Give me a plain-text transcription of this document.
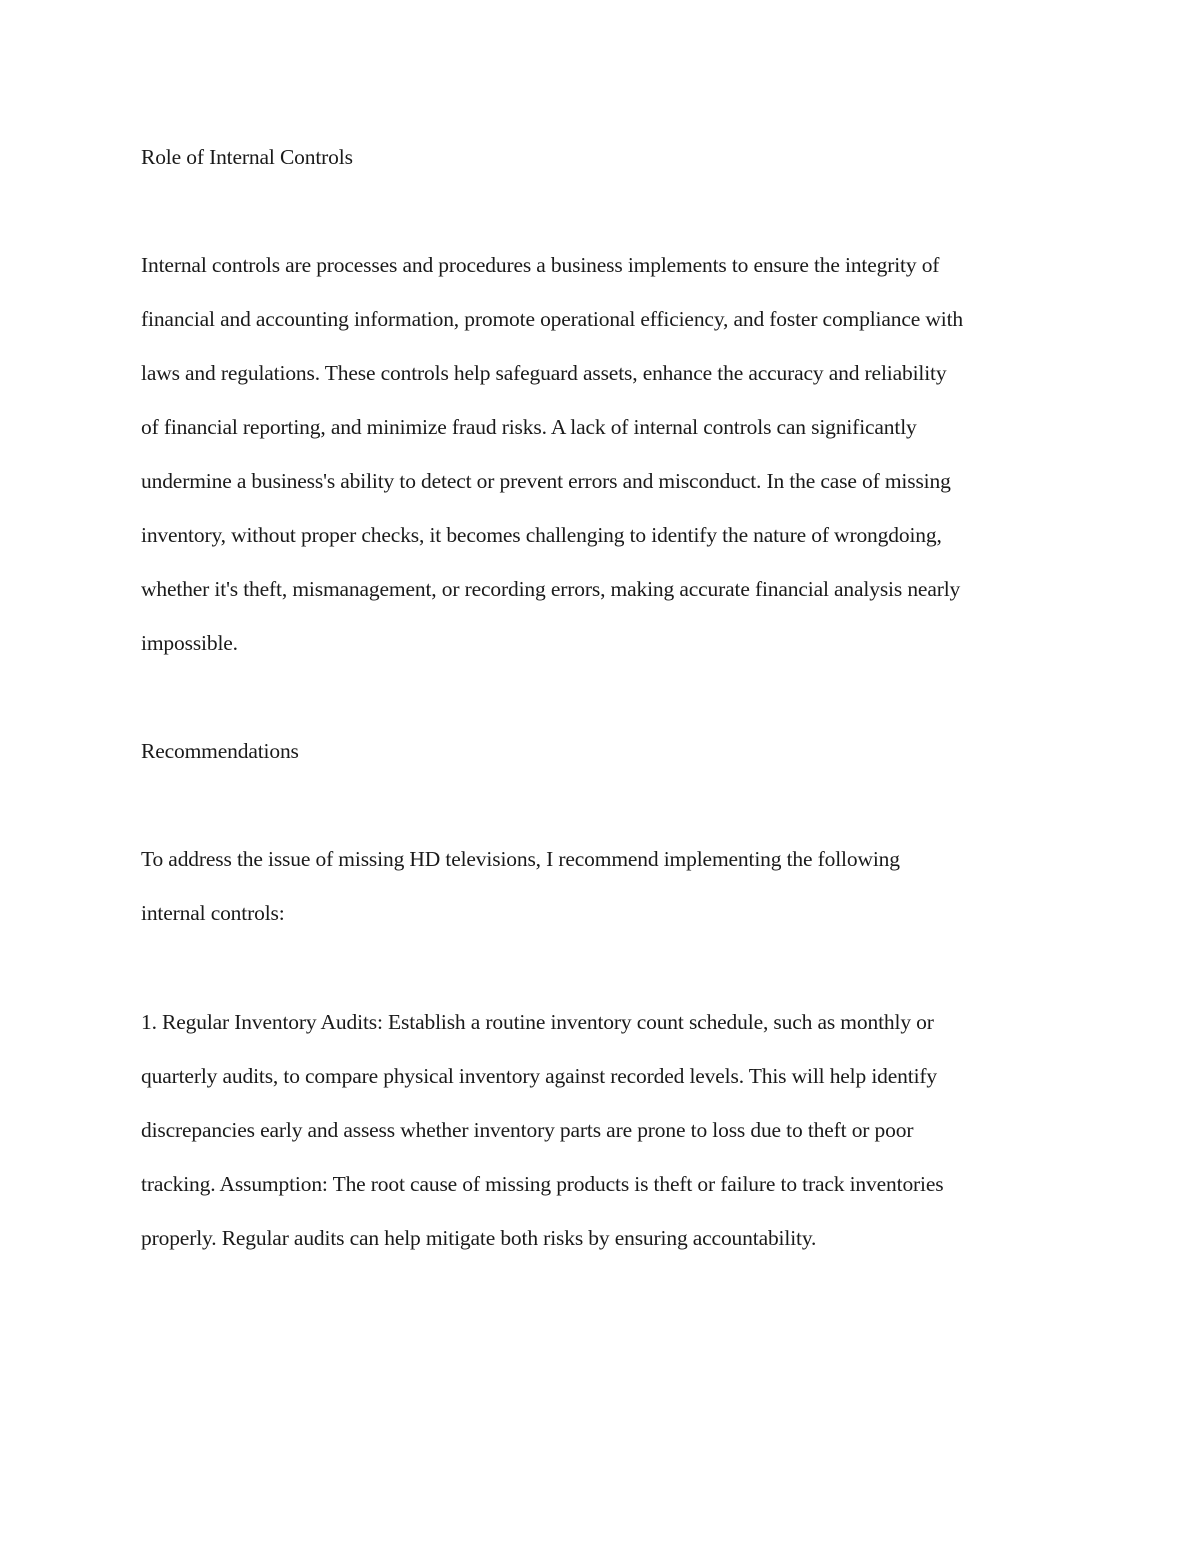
Role of Internal Controls
Internal controls are processes and procedures a business implements to ensure the integrity of
financial and accounting information, promote operational efficiency, and foster compliance with
laws and regulations. These controls help safeguard assets, enhance the accuracy and reliability
of financial reporting, and minimize fraud risks. A lack of internal controls can significantly
undermine a business's ability to detect or prevent errors and misconduct. In the case of missing
inventory, without proper checks, it becomes challenging to identify the nature of wrongdoing,
whether it's theft, mismanagement, or recording errors, making accurate financial analysis nearly
impossible.
Recommendations
To address the issue of missing HD televisions, I recommend implementing the following
internal controls:
1. Regular Inventory Audits: Establish a routine inventory count schedule, such as monthly or
quarterly audits, to compare physical inventory against recorded levels. This will help identify
discrepancies early and assess whether inventory parts are prone to loss due to theft or poor
tracking. Assumption: The root cause of missing products is theft or failure to track inventories
properly. Regular audits can help mitigate both risks by ensuring accountability.
